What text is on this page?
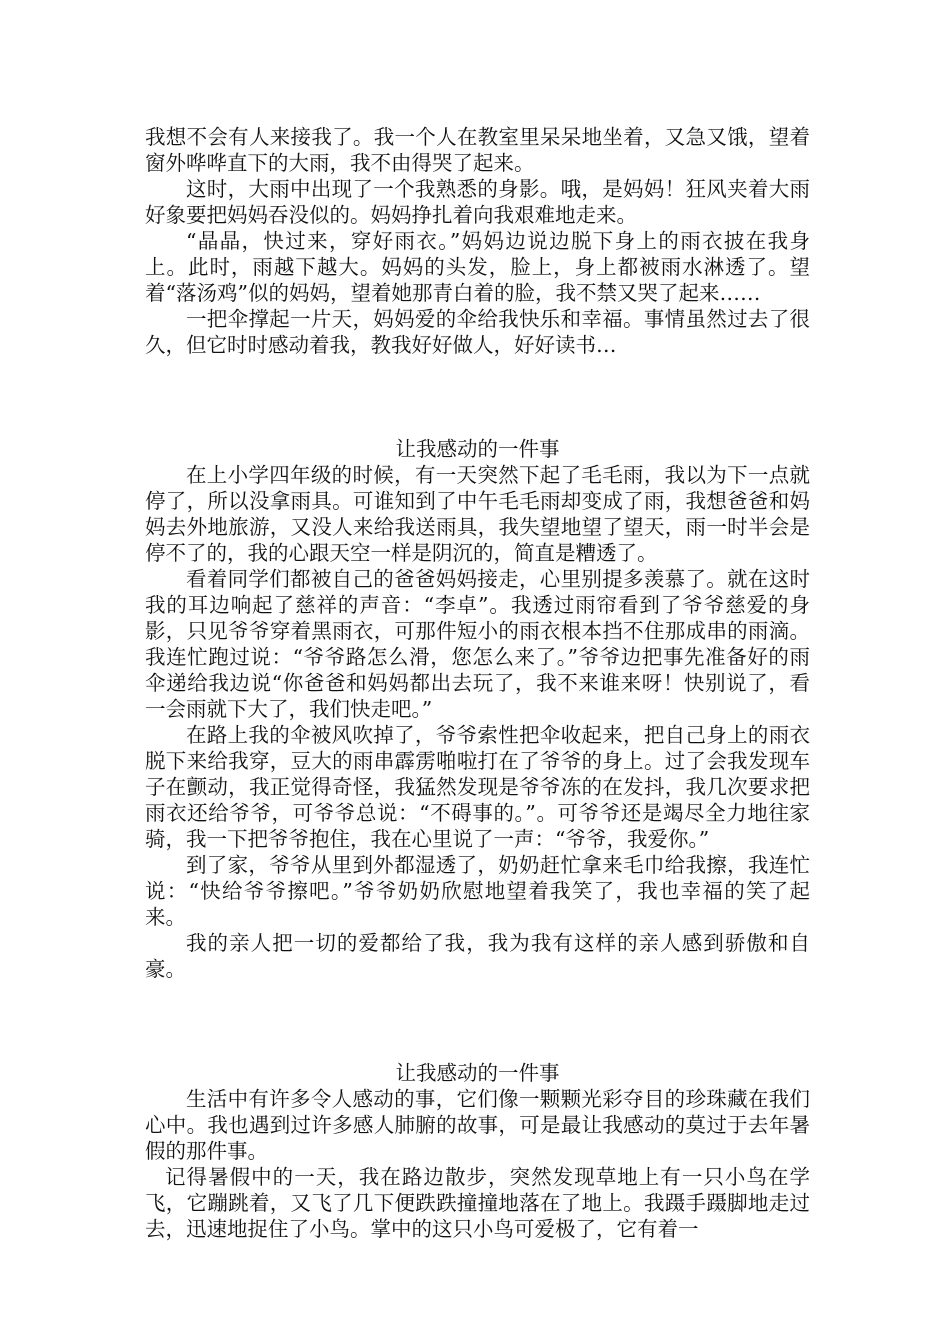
我想不会有人来接我了。我一个人在教室里呆呆地坐着，又急又饿，望着窗外哗哗直下的大雨，我不由得哭了起来。

这时，大雨中出现了一个我熟悉的身影。哦，是妈妈！狂风夹着大雨好象要把妈妈吞没似的。妈妈挣扎着向我艰难地走来。

“晶晶，快过来，穿好雨衣。”妈妈边说边脱下身上的雨衣披在我身上。此时，雨越下越大。妈妈的头发，脸上，身上都被雨水淋透了。望着“落汤鸡”似的妈妈，望着她那青白着的脸，我不禁又哭了起来……

一把伞撑起一片天，妈妈爱的伞给我快乐和幸福。事情虽然过去了很久，但它时时感动着我，教我好好做人，好好读书…

让我感动的一件事

在上小学四年级的时候，有一天突然下起了毛毛雨，我以为下一点就停了，所以没拿雨具。可谁知到了中午毛毛雨却变成了雨，我想爸爸和妈妈去外地旅游，又没人来给我送雨具，我失望地望了望天，雨一时半会是停不了的，我的心跟天空一样是阴沉的，简直是糟透了。

看着同学们都被自己的爸爸妈妈接走，心里别提多羡慕了。就在这时我的耳边响起了慈祥的声音：“李卓”。我透过雨帘看到了爷爷慈爱的身影，只见爷爷穿着黑雨衣，可那件短小的雨衣根本挡不住那成串的雨滴。我连忙跑过说：“爷爷路怎么滑，您怎么来了。”爷爷边把事先准备好的雨伞递给我边说“你爸爸和妈妈都出去玩了，我不来谁来呀！快别说了，看一会雨就下大了，我们快走吧。”

在路上我的伞被风吹掉了，爷爷索性把伞收起来，把自己身上的雨衣脱下来给我穿，豆大的雨串霹雳啪啦打在了爷爷的身上。过了会我发现车子在颤动，我正觉得奇怪，我猛然发现是爷爷冻的在发抖，我几次要求把雨衣还给爷爷，可爷爷总说：“不碍事的。”。可爷爷还是竭尽全力地往家骑，我一下把爷爷抱住，我在心里说了一声：“爷爷，我爱你。”

到了家，爷爷从里到外都湿透了，奶奶赶忙拿来毛巾给我擦，我连忙说：“快给爷爷擦吧。”爷爷奶奶欣慰地望着我笑了，我也幸福的笑了起来。

我的亲人把一切的爱都给了我，我为我有这样的亲人感到骄傲和自豪。

让我感动的一件事

生活中有许多令人感动的事，它们像一颗颗光彩夺目的珍珠藏在我们心中。我也遇到过许多感人肺腑的故事，可是最让我感动的莫过于去年暑假的那件事。

记得暑假中的一天，我在路边散步，突然发现草地上有一只小鸟在学飞，它蹦跳着，又飞了几下便跌跌撞撞地落在了地上。我蹑手蹑脚地走过去，迅速地捉住了小鸟。掌中的这只小鸟可爱极了，它有着一
